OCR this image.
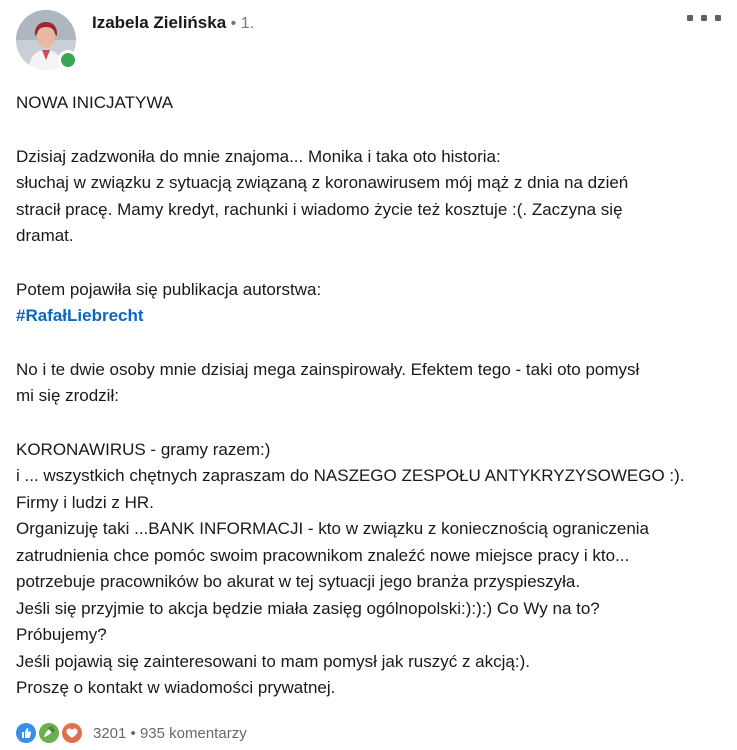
Izabela Zielińska • 1.

NOWA INICJATYWA

Dzisiaj zadzwoniła do mnie znajoma... Monika i taka oto historia:

słuchaj w związku z sytuacją związaną z koronawirusem mój mąż z dnia na dzień

stracił pracę. Mamy kredyt, rachunki i wiadomo życie też kosztuje :(. Zaczyna się

dramat.

Potem pojawiła się publikacja autorstwa:

#RafałLiebrecht

No i te dwie osoby mnie dzisiaj mega zainspirowały. Efektem tego - taki oto pomysł

mi się zrodził:

KORONAWIRUS - gramy razem:)

i ... wszystkich chętnych zapraszam do NASZEGO ZESPOŁU ANTYKRYZYSOWEGO :).

Firmy i ludzi z HR.

Organizuję taki ...BANK INFORMACJI - kto w związku z koniecznością ograniczenia

zatrudnienia chce pomóc swoim pracownikom znaleźć nowe miejsce pracy i kto...

potrzebuje pracowników bo akurat w tej sytuacji jego branża przyspieszyła.

Jeśli się przyjmie to akcja będzie miała zasięg ogólnopolski:):):) Co Wy na to?

Próbujemy?

Jeśli pojawią się zainteresowani to mam pomysł jak ruszyć z akcją:).

Proszę o kontakt w wiadomości prywatnej.

3201 • 935 komentarzy
